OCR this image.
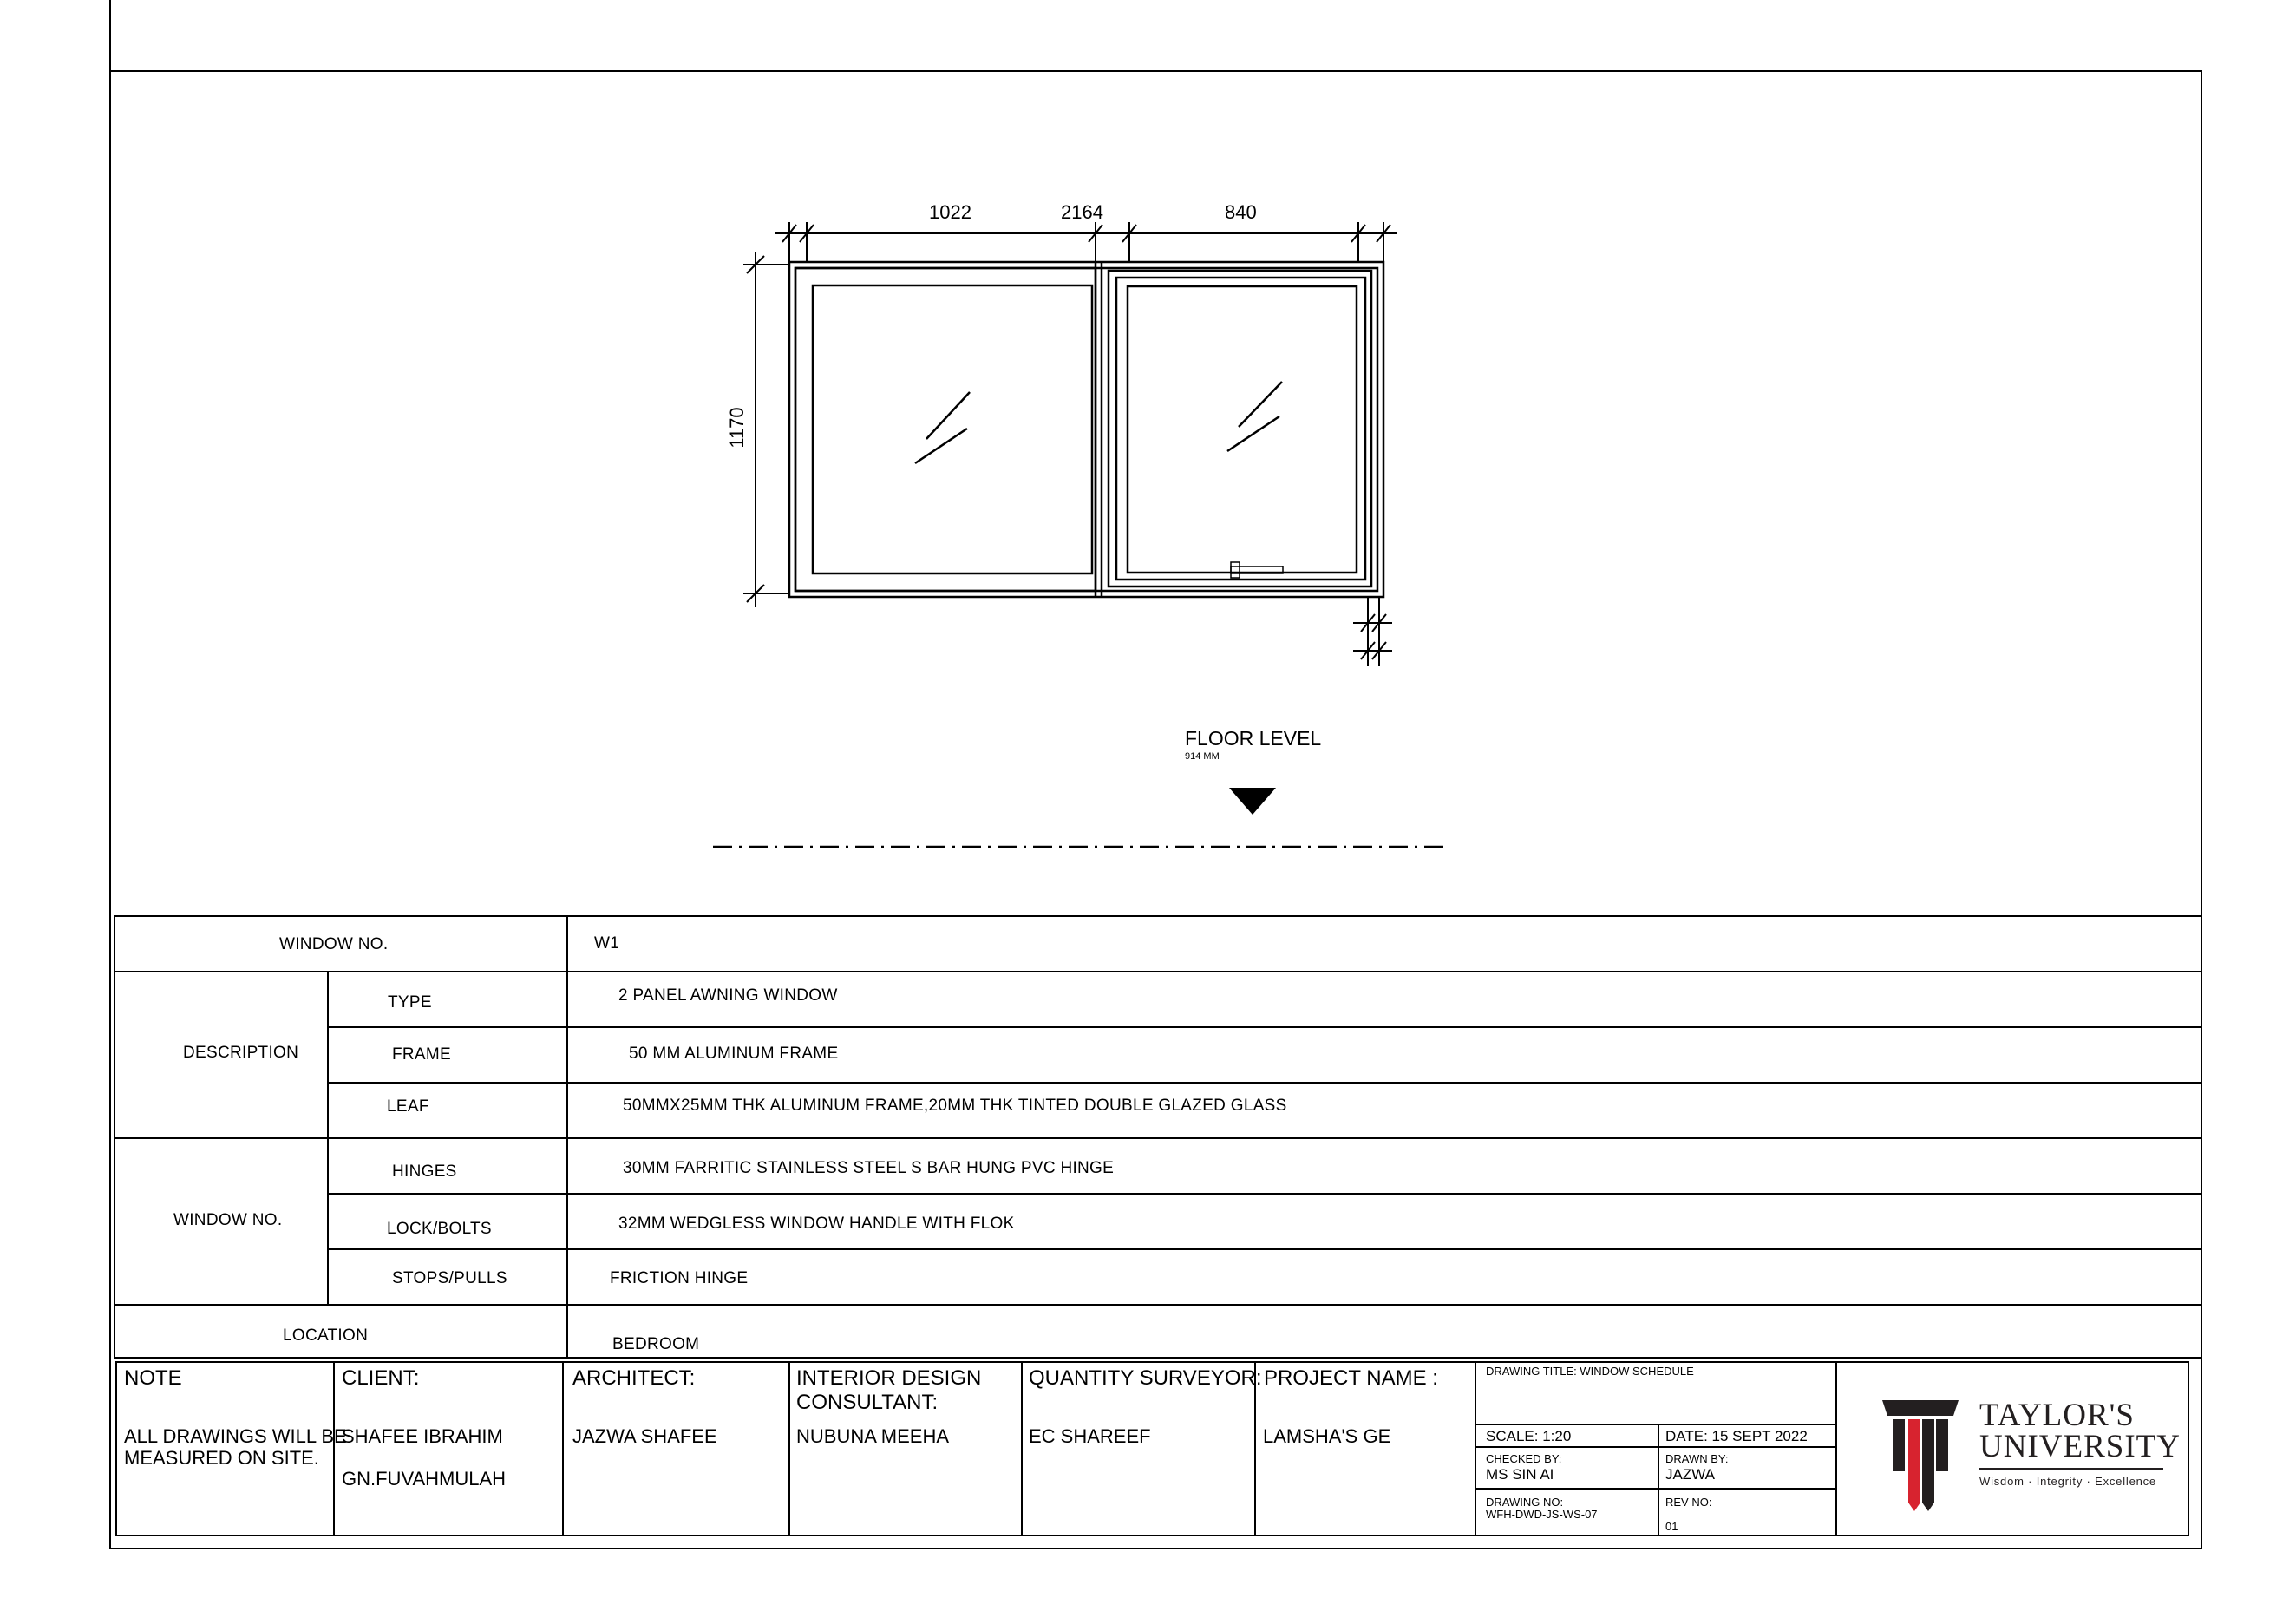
1022	2164	840
1170
FLOOR LEVEL
914 MM
WINDOW NO.	W1
DESCRIPTION
TYPE	2 PANEL AWNING WINDOW
FRAME	50 MM ALUMINUM FRAME
LEAF	50MMX25MM THK ALUMINUM FRAME,20MM THK TINTED DOUBLE GLAZED GLASS
WINDOW NO.
HINGES	30MM FARRITIC STAINLESS STEEL S BAR HUNG PVC HINGE
LOCK/BOLTS	32MM WEDGLESS WINDOW HANDLE WITH FLOK
STOPS/PULLS	FRICTION HINGE
LOCATION	BEDROOM
NOTE
ALL DRAWINGS WILL BE
MEASURED ON SITE.
CLIENT:
SHAFEE IBRAHIM
GN.FUVAHMULAH
ARCHITECT:
JAZWA SHAFEE
INTERIOR DESIGN
CONSULTANT:
NUBUNA MEEHA
QUANTITY SURVEYOR:
EC SHAREEF
PROJECT NAME :
LAMSHA'S GE
DRAWING TITLE: WINDOW SCHEDULE
SCALE: 1:20	DATE: 15 SEPT 2022
CHECKED BY:
MS SIN AI
DRAWN BY:
JAZWA
DRAWING NO:
WFH-DWD-JS-WS-07
REV NO:
01
TAYLOR'S
UNIVERSITY
Wisdom · Integrity · Excellence
